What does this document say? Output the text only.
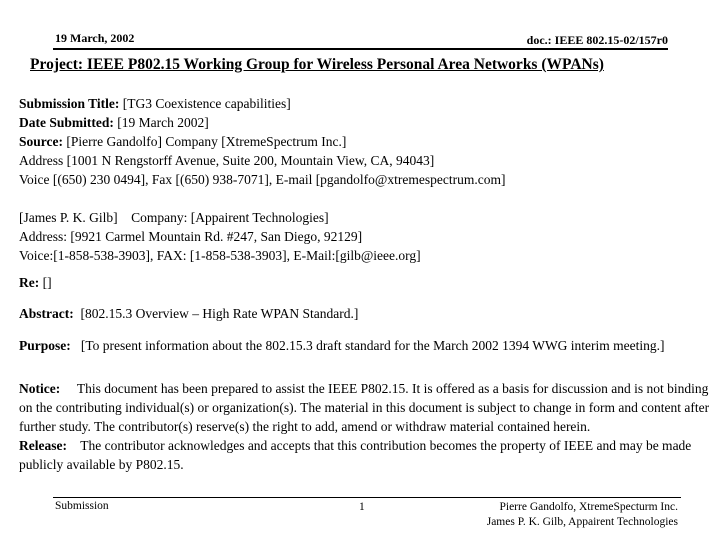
19 March, 2002	doc.: IEEE 802.15-02/157r0
Project: IEEE P802.15 Working Group for Wireless Personal Area Networks (WPANs)
Submission Title: [TG3 Coexistence capabilities]
Date Submitted: [19 March 2002]
Source: [Pierre Gandolfo] Company [XtremeSpectrum Inc.]
Address [1001 N Rengstorff Avenue, Suite 200, Mountain View, CA, 94043]
Voice [(650) 230 0494], Fax [(650) 938-7071], E-mail [pgandolfo@xtremespectrum.com]
[James P. K. Gilb]    Company: [Appairent Technologies]
Address: [9921 Carmel Mountain Rd. #247, San Diego, 92129]
Voice:[1-858-538-3903], FAX: [1-858-538-3903], E-Mail:[gilb@ieee.org]
Re: []
Abstract: [802.15.3 Overview – High Rate WPAN Standard.]
Purpose: [To present information about the 802.15.3 draft standard for the March 2002 1394 WWG interim meeting.]
Notice: This document has been prepared to assist the IEEE P802.15. It is offered as a basis for discussion and is not binding on the contributing individual(s) or organization(s). The material in this document is subject to change in form and content after further study. The contributor(s) reserve(s) the right to add, amend or withdraw material contained herein.
Release: The contributor acknowledges and accepts that this contribution becomes the property of IEEE and may be made publicly available by P802.15.
Submission	1	Pierre Gandolfo, XtremeSpecturm Inc.
James P. K. Gilb, Appairent Technologies
